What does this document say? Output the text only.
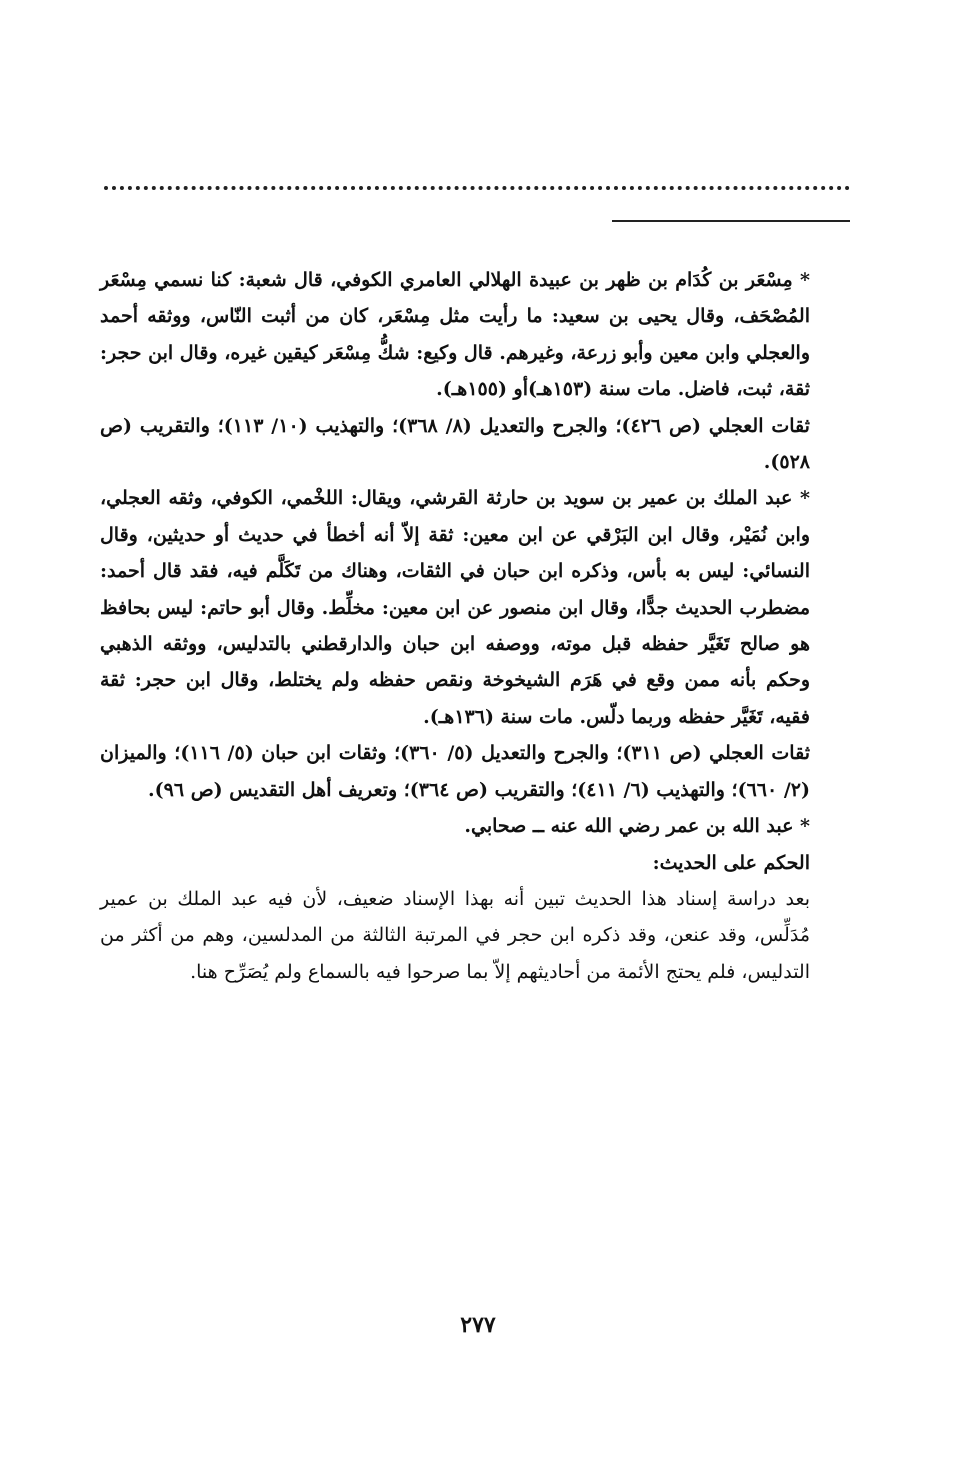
* مِسْعَر بن كُدَام بن ظهر بن عبيدة الهلالي العامري الكوفي، قال شعبة: كنا نسمي مِسْعَر المُصْحَف، وقال يحيى بن سعيد: ما رأيت مثل مِسْعَر، كان من أثبت النّاس، ووثقه أحمد والعجلي وابن معين وأبو زرعة، وغيرهم. قال وكيع: شكُّ مِسْعَر كيقين غيره، وقال ابن حجر: ثقة، ثبت، فاضل. مات سنة (١٥٣هـ)أو (١٥٥هـ).

ثقات العجلي (ص ٤٢٦)؛ والجرح والتعديل (٨/ ٣٦٨)؛ والتهذيب (١٠/ ١١٣)؛ والتقريب (ص ٥٢٨).

* عبد الملك بن عمير بن سويد بن حارثة القرشي، ويقال: اللخْمي، الكوفي، وثقه العجلي، وابن نُمَيْر، وقال ابن البَرْقي عن ابن معين: ثقة إلاّ أنه أخطأ في حديث أو حديثين، وقال النسائي: ليس به بأس، وذكره ابن حبان في الثقات، وهناك من تَكَلَّم فيه، فقد قال أحمد: مضطرب الحديث جدًّا، وقال ابن منصور عن ابن معين: مخلِّط. وقال أبو حاتم: ليس بحافظ هو صالح تَغَيَّر حفظه قبل موته، ووصفه ابن حبان والدارقطني بالتدليس، ووثقه الذهبي وحكم بأنه ممن وقع في هَرَم الشيخوخة ونقص حفظه ولم يختلط، وقال ابن حجر: ثقة فقيه، تَغَيَّر حفظه وربما دلّس. مات سنة (١٣٦هـ).

ثقات العجلي (ص ٣١١)؛ والجرح والتعديل (٥/ ٣٦٠)؛ وثقات ابن حبان (٥/ ١١٦)؛ والميزان (٢/ ٦٦٠)؛ والتهذيب (٦/ ٤١١)؛ والتقريب (ص ٣٦٤)؛ وتعريف أهل التقديس (ص ٩٦).

* عبد الله بن عمر رضي الله عنه ــ صحابي.

الحكم على الحديث:

بعد دراسة إسناد هذا الحديث تبين أنه بهذا الإسناد ضعيف، لأن فيه عبد الملك بن عمير مُدَلِّس، وقد عنعن، وقد ذكره ابن حجر في المرتبة الثالثة من المدلسين، وهم من أكثر من التدليس، فلم يحتج الأئمة من أحاديثهم إلاّ بما صرحوا فيه بالسماع ولم يُصَرِّح هنا.

٢٧٧
